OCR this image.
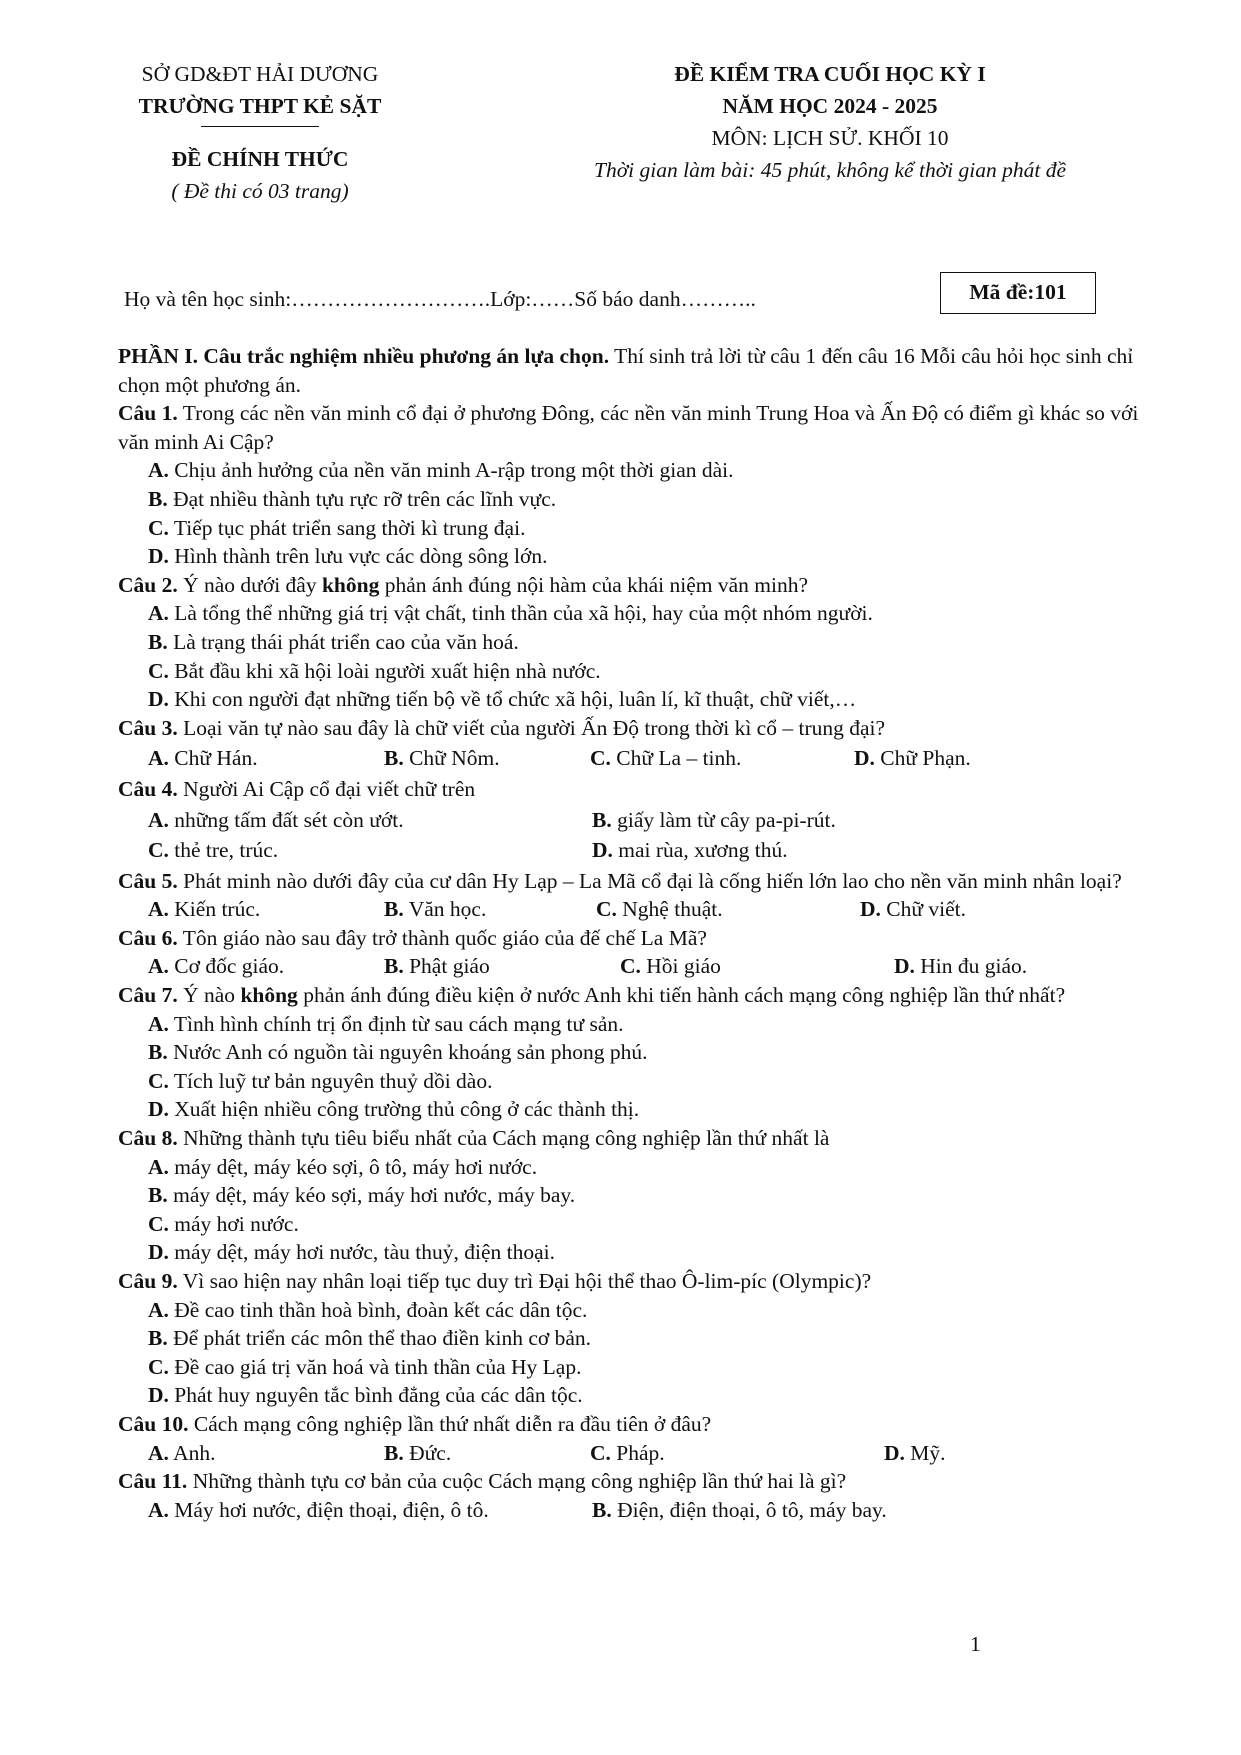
SỞ GD&ĐT HẢI DƯƠNG
TRƯỜNG THPT KẺ SẶT
ĐỀ CHÍNH THỨC
( Đề thi có 03 trang)
ĐỀ KIỂM TRA CUỐI HỌC KỲ I
NĂM HỌC 2024 - 2025
MÔN: LỊCH SỬ. KHỐI 10
Thời gian làm bài: 45 phút, không kể thời gian phát đề
Họ và tên học sinh:……………………….Lớp:……Số báo danh………..	Mã đề:101
PHẦN I. Câu trắc nghiệm nhiều phương án lựa chọn. Thí sinh trả lời từ câu 1 đến câu 16 Mỗi câu hỏi học sinh chỉ chọn một phương án.
Câu 1. Trong các nền văn minh cổ đại ở phương Đông, các nền văn minh Trung Hoa và Ấn Độ có điểm gì khác so với văn minh Ai Cập?
A. Chịu ảnh hưởng của nền văn minh A-rập trong một thời gian dài.
B. Đạt nhiều thành tựu rực rỡ trên các lĩnh vực.
C. Tiếp tục phát triển sang thời kì trung đại.
D. Hình thành trên lưu vực các dòng sông lớn.
Câu 2. Ý nào dưới đây không phản ánh đúng nội hàm của khái niệm văn minh?
A. Là tổng thể những giá trị vật chất, tinh thần của xã hội, hay của một nhóm người.
B. Là trạng thái phát triển cao của văn hoá.
C. Bắt đầu khi xã hội loài người xuất hiện nhà nước.
D. Khi con người đạt những tiến bộ về tổ chức xã hội, luân lí, kĩ thuật, chữ viết,…
Câu 3. Loại văn tự nào sau đây là chữ viết của người Ấn Độ trong thời kì cổ – trung đại?
A. Chữ Hán.	B. Chữ Nôm.	C. Chữ La – tinh.	D. Chữ Phạn.
Câu 4. Người Ai Cập cổ đại viết chữ trên
A. những tấm đất sét còn ướt.	B. giấy làm từ cây pa-pi-rút.
C. thẻ tre, trúc.	D. mai rùa, xương thú.
Câu 5. Phát minh nào dưới đây của cư dân Hy Lạp – La Mã cổ đại là cống hiến lớn lao cho nền văn minh nhân loại?
A. Kiến trúc.	B. Văn học.	C. Nghệ thuật.	D. Chữ viết.
Câu 6. Tôn giáo nào sau đây trở thành quốc giáo của đế chế La Mã?
A. Cơ đốc giáo.	B. Phật giáo	C. Hồi giáo	D. Hin đu giáo.
Câu 7. Ý nào không phản ánh đúng điều kiện ở nước Anh khi tiến hành cách mạng công nghiệp lần thứ nhất?
A. Tình hình chính trị ổn định từ sau cách mạng tư sản.
B. Nước Anh có nguồn tài nguyên khoáng sản phong phú.
C. Tích luỹ tư bản nguyên thuỷ dồi dào.
D. Xuất hiện nhiều công trường thủ công ở các thành thị.
Câu 8. Những thành tựu tiêu biểu nhất của Cách mạng công nghiệp lần thứ nhất là
A. máy dệt, máy kéo sợi, ô tô, máy hơi nước.
B. máy dệt, máy kéo sợi, máy hơi nước, máy bay.
C. máy hơi nước.
D. máy dệt, máy hơi nước, tàu thuỷ, điện thoại.
Câu 9. Vì sao hiện nay nhân loại tiếp tục duy trì Đại hội thể thao Ô-lim-píc (Olympic)?
A. Đề cao tinh thần hoà bình, đoàn kết các dân tộc.
B. Để phát triển các môn thể thao điền kinh cơ bản.
C. Đề cao giá trị văn hoá và tinh thần của Hy Lạp.
D. Phát huy nguyên tắc bình đẳng của các dân tộc.
Câu 10. Cách mạng công nghiệp lần thứ nhất diễn ra đầu tiên ở đâu?
A. Anh.	B. Đức.	C. Pháp.	D. Mỹ.
Câu 11. Những thành tựu cơ bản của cuộc Cách mạng công nghiệp lần thứ hai là gì?
A. Máy hơi nước, điện thoại, điện, ô tô.	B. Điện, điện thoại, ô tô, máy bay.
1
